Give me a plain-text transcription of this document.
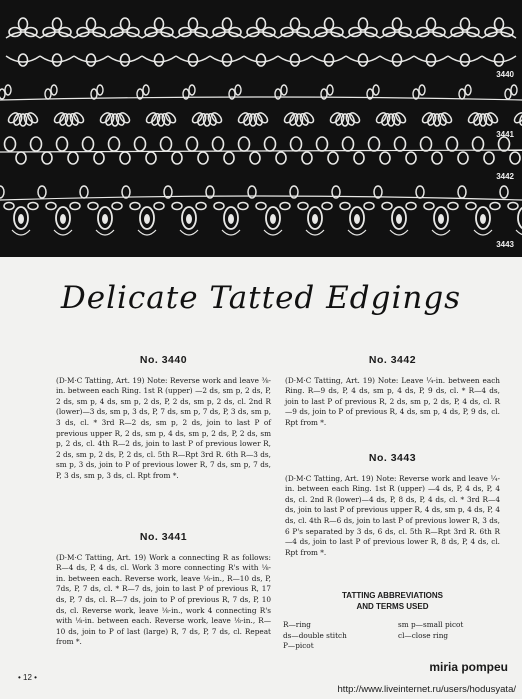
3440
3441
3442
3443
Delicate Tatted Edgings
No. 3440

(D·M·C Tatting, Art. 19) Note: Reverse work and leave ⅜-in. between each Ring. 1st R (upper) —2 ds, sm p, 2 ds, P, 2 ds, sm p, 4 ds, sm p, 2 ds, P, 2 ds, sm p, 2 ds, cl. 2nd R (lower)—3 ds, sm p, 3 ds, P, 7 ds, sm p, 7 ds, P, 3 ds, sm p, 3 ds, cl. * 3rd R—2 ds, sm p, 2 ds, join to last P of previous upper R, 2 ds, sm p, 4 ds, sm p, 2 ds, P, 2 ds, sm p, 2 ds, cl. 4th R—2 ds, join to last P of previous lower R, 2 ds, sm p, 2 ds, P, 2 ds, cl. 5th R—Rpt 3rd R. 6th R—3 ds, sm p, 3 ds, join to P of previous lower R, 7 ds, sm p, 7 ds, P, 3 ds, sm p, 3 ds, cl. Rpt from *.

No. 3441

(D·M·C Tatting, Art. 19) Work a connecting R as follows: R—4 ds, P, 4 ds, cl. Work 3 more connecting R's with ⅛-in. between each. Reverse work, leave ⅛-in., R—10 ds, P, 7ds, P, 7 ds, cl. * R—7 ds, join to last P of previous R, 17 ds, P, 7 ds, cl. R—7 ds, join to P of previous R, 7 ds, P, 10 ds, cl. Reverse work, leave ⅛-in., work 4 connecting R's with ⅛-in. between each. Reverse work, leave ⅛-in., R—10 ds, join to P of last (large) R, 7 ds, P, 7 ds, cl. Repeat from *.

No. 3442

(D·M·C Tatting, Art. 19) Note: Leave ¼-in. between each Ring. R—9 ds, P, 4 ds, sm p, 4 ds, P, 9 ds, cl. * R—4 ds, join to last P of previous R, 2 ds, sm p, 2 ds, P, 4 ds, cl. R—9 ds, join to P of previous R, 4 ds, sm p, 4 ds, P, 9 ds, cl. Rpt from *.

No. 3443

(D·M·C Tatting, Art. 19) Note: Reverse work and leave ¼-in. between each Ring. 1st R (upper) —4 ds, P, 4 ds, P, 4 ds, cl. 2nd R (lower)—4 ds, P, 8 ds, P, 4 ds, cl. * 3rd R—4 ds, join to last P of previous upper R, 4 ds, sm p, 4 ds, P, 4 ds, cl. 4th R—6 ds, join to last P of previous lower R, 3 ds, 6 P's separated by 3 ds, 6 ds, cl. 5th R—Rpt 3rd R. 6th R—4 ds, join to last P of previous lower R, 8 ds, P, 4 ds, cl. Rpt from *.

TATTING ABBREVIATIONS
AND TERMS USED
R—ring
ds—double stitch
P—picot
sm p—small picot
cl—close ring
• 12 •
miria pompeu
http://www.liveinternet.ru/users/hodusyata/
